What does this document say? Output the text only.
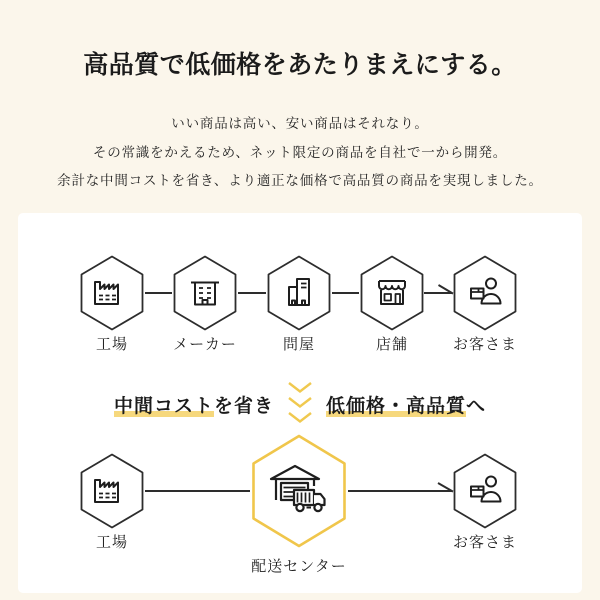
高品質で低価格をあたりまえにする。
いい商品は高い、安い商品はそれなり。
その常識をかえるため、ネット限定の商品を自社で一から開発。
余計な中間コストを省き、より適正な価格で高品質の商品を実現しました。
工場	メーカー	問屋	店舗	お客さま
中間コストを省き	低価格・高品質へ
工場
配送センター
お客さま
